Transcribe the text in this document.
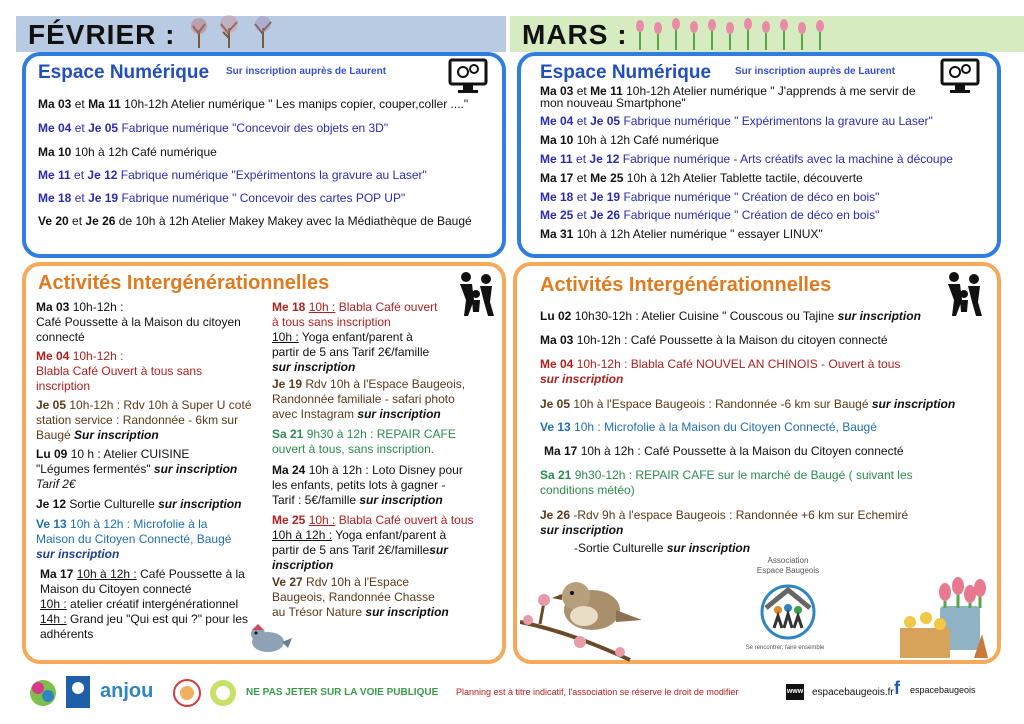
FÉVRIER :	MARS :
Espace Numérique Sur inscription auprès de Laurent
Ma 03 et Ma 11 10h-12h Atelier numérique " Les manips copier, couper,coller ...."
Me 04 et Je 05 Fabrique numérique "Concevoir des objets en 3D"
Ma 10 10h à 12h Café numérique
Me 11 et Je 12 Fabrique numérique "Expérimentons la gravure au Laser"
Me 18 et Je 19 Fabrique numérique " Concevoir des cartes POP UP"
Ve 20 et Je 26 de 10h à 12h Atelier Makey Makey avec la Médiathèque de Baugé
Espace Numérique Sur inscription auprès de Laurent
Ma 03 et Me 11 10h-12h Atelier numérique " J'apprends à me servir de
mon nouveau Smartphone"
Me 04 et Je 05 Fabrique numérique " Expérimentons la gravure au Laser"
Ma 10 10h à 12h Café numérique
Me 11 et Je 12 Fabrique numérique - Arts créatifs avec la machine à découpe
Ma 17 et Me 25 10h à 12h Atelier Tablette tactile, découverte
Me 18 et Je 19 Fabrique numérique " Création de déco en bois"
Me 25 et Je 26 Fabrique numérique " Création de déco en bois"
Ma 31 10h à 12h Atelier numérique " essayer LINUX"
Activités Intergénérationnelles
Ma 03 10h-12h :
Café Poussette à la Maison du citoyen
connecté
Me 04 10h-12h :
Blabla Café Ouvert à tous sans
inscription
Je 05 10h-12h : Rdv 10h à Super U coté
station service : Randonnée - 6km sur
Baugé Sur inscription
Lu 09 10 h : Atelier CUISINE
"Légumes fermentés" sur inscription
Tarif 2€
Je 12 Sortie Culturelle sur inscription
Ve 13 10h à 12h : Microfolie à la
Maison du Citoyen Connecté, Baugé
sur inscription
Ma 17 10h à 12h : Café Poussette à la
Maison du Citoyen connecté
10h : atelier créatif intergénérationnel
14h : Grand jeu "Qui est qui ?" pour les
adhérents
Me 18 10h : Blabla Café ouvert
à tous sans inscription
10h : Yoga enfant/parent à
partir de 5 ans Tarif 2€/famille
sur inscription
Je 19 Rdv 10h à l'Espace Baugeois,
Randonnée familiale - safari photo
avec Instagram sur inscription
Sa 21 9h30 à 12h : REPAIR CAFE
ouvert à tous, sans inscription.
Ma 24 10h à 12h : Loto Disney pour
les enfants, petits lots à gagner -
Tarif : 5€/famille sur inscription
Me 25 10h : Blabla Café ouvert à tous
10h à 12h : Yoga enfant/parent à
partir de 5 ans Tarif 2€/famillesur inscription
Ve 27 Rdv 10h à l'Espace
Baugeois, Randonnée Chasse
au Trésor Nature sur inscription
Activités Intergénérationnelles
Lu 02 10h30-12h : Atelier Cuisine " Couscous ou Tajine sur inscription
Ma 03 10h-12h : Café Poussette à la Maison du citoyen connecté
Me 04 10h-12h : Blabla Café NOUVEL AN CHINOIS - Ouvert à tous
sur inscription
Je 05 10h à l'Espace Baugeois : Randonnée -6 km sur Baugé sur inscription
Ve 13 10h : Microfolie à la Maison du Citoyen Connecté, Baugé
Ma 17 10h à 12h : Café Poussette à la Maison du Citoyen connecté
Sa 21 9h30-12h : REPAIR CAFE sur le marché de Baugé ( suivant les
conditions météo)
Je 26 -Rdv 9h à l'espace Baugeois : Randonnée +6 km sur Echemiré
sur inscription
-Sortie Culturelle sur inscription
Association
Espace Baugeois
Se rencontrer, faire ensemble
anjou	NE PAS JETER SUR LA VOIE PUBLIQUE Planning est à titre indicatif, l'association se réserve le droit de modifier	www espacebaugeois.fr f espacebaugeois
